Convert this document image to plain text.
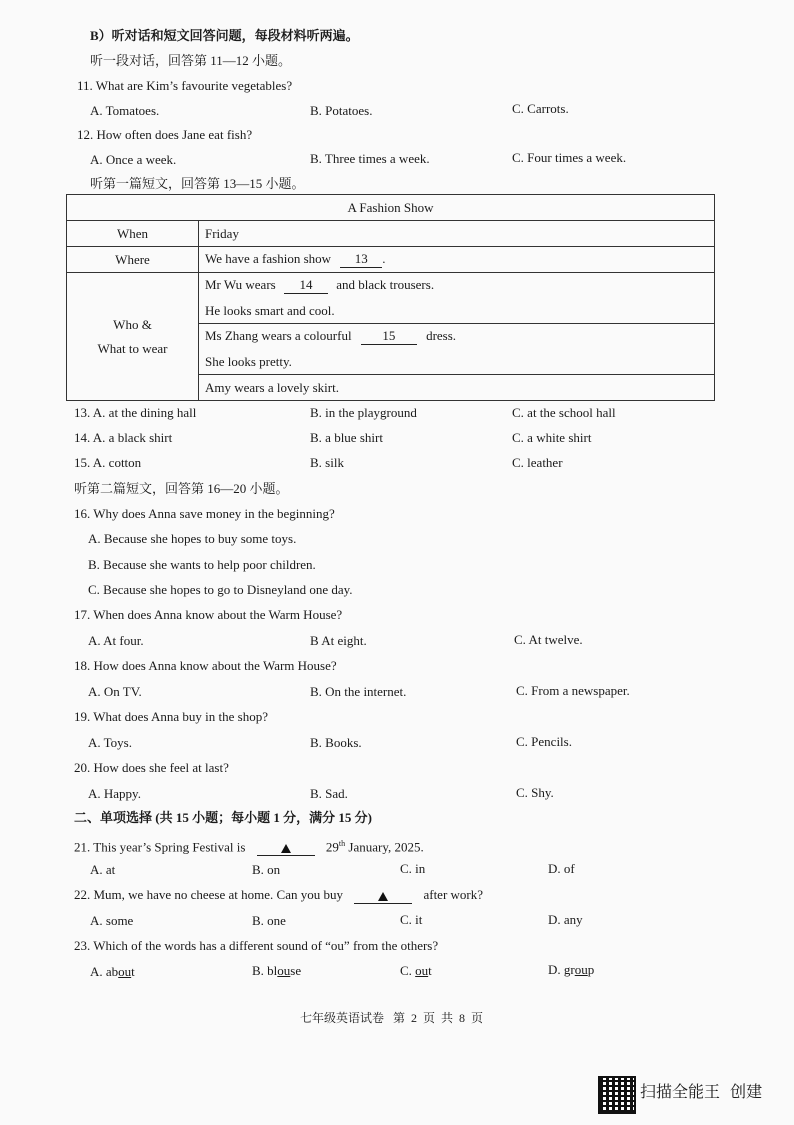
B）听对话和短文回答问题，每段材料听两遍。
听一段对话，回答第 11—12 小题。
11. What are Kim’s favourite vegetables?
A. Tomatoes.	B. Potatoes.	C. Carrots.
12. How often does Jane eat fish?
A. Once a week.	B. Three times a week.	C. Four times a week.
听第一篇短文，回答第 13—15 小题。
A Fashion Show	
When	Friday
Where	We have a fashion show 13 .

Who &
What to wear	Mr Wu wears 14 and black trousers.
	He looks smart and cool.
	Ms Zhang wears a colourful 15 dress.
	She looks pretty.
	Amy wears a lovely skirt.
13. A. at the dining hall	B. in the playground	C. at the school hall
14. A. a black shirt	B. a blue shirt	C. a white shirt
15. A. cotton	B. silk	C. leather
听第二篇短文，回答第 16—20 小题。
16. Why does Anna save money in the beginning?
A. Because she hopes to buy some toys.
B. Because she wants to help poor children.
C. Because she hopes to go to Disneyland one day.
17. When does Anna know about the Warm House?
A. At four.	B At eight.	C. At twelve.
18. How does Anna know about the Warm House?
A. On TV.	B. On the internet.	C. From a newspaper.
19. What does Anna buy in the shop?
A. Toys.	B. Books.	C. Pencils.
20. How does she feel at last?
A. Happy.	B. Sad.	C. Shy.
二、单项选择 (共 15 小题；每小题 1 分，满分 15 分)
21. This year’s Spring Festival is	29th January, 2025.
A. at	B. on	C. in	D. of
22. Mum, we have no cheese at home. Can you buy	after work?
A. some	B. one	C. it	D. any
23. Which of the words has a different sound of “ou” from the others?
A. about	B. blouse	C. out	D. group
七年级英语试卷   第  2  页  共  8  页
扫描全能王  创建
